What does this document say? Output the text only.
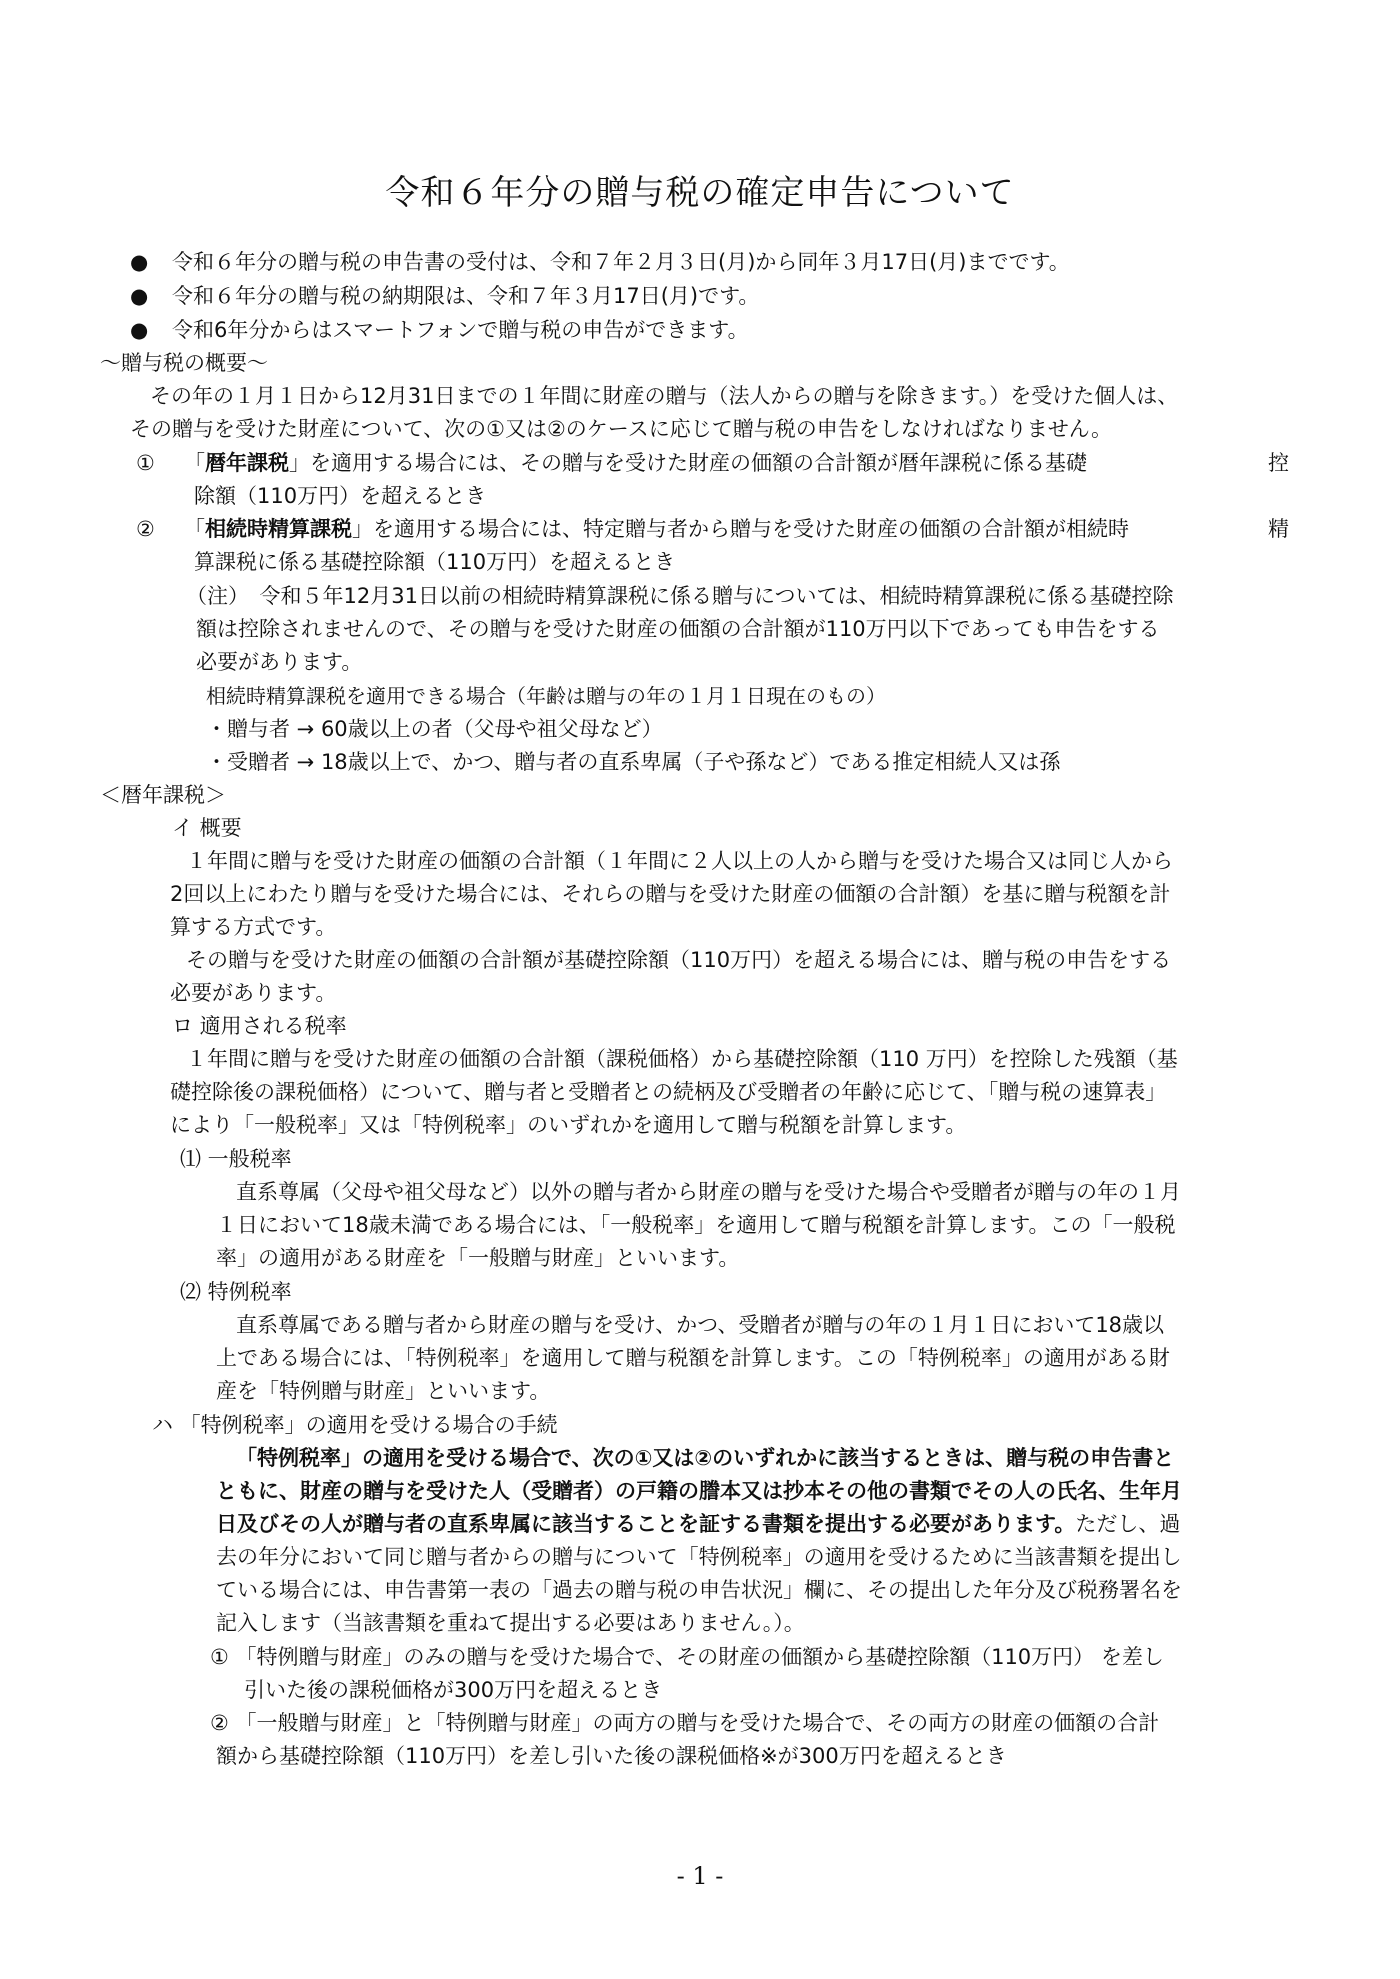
令和６年分の贈与税の確定申告について
● 令和６年分の贈与税の申告書の受付は、令和７年２月３日(月)から同年３月17日(月)までです。
● 令和６年分の贈与税の納期限は、令和７年３月17日(月)です。
● 令和6年分からはスマートフォンで贈与税の申告ができます。
～贈与税の概要～
その年の１月１日から12月31日までの１年間に財産の贈与（法人からの贈与を除きます。）を受けた個人は、
その贈与を受けた財産について、次の①又は②のケースに応じて贈与税の申告をしなければなりません。
① 「暦年課税」を適用する場合には、その贈与を受けた財産の価額の合計額が暦年課税に係る基礎	控
除額（110万円）を超えるとき
② 「相続時精算課税」を適用する場合には、特定贈与者から贈与を受けた財産の価額の合計額が相続時	精
算課税に係る基礎控除額（110万円）を超えるとき
（注）　令和５年12月31日以前の相続時精算課税に係る贈与については、相続時精算課税に係る基礎控除
額は控除されませんので、その贈与を受けた財産の価額の合計額が110万円以下であっても申告をする
必要があります。
相続時精算課税を適用できる場合（年齢は贈与の年の１月１日現在のもの）
・贈与者 → 60歳以上の者（父母や祖父母など）
・受贈者 → 18歳以上で、かつ、贈与者の直系卑属（子や孫など）である推定相続人又は孫
＜暦年課税＞
イ 概要
１年間に贈与を受けた財産の価額の合計額（１年間に２人以上の人から贈与を受けた場合又は同じ人から
2回以上にわたり贈与を受けた場合には、それらの贈与を受けた財産の価額の合計額）を基に贈与税額を計
算する方式です。
その贈与を受けた財産の価額の合計額が基礎控除額（110万円）を超える場合には、贈与税の申告をする
必要があります。
ロ 適用される税率
１年間に贈与を受けた財産の価額の合計額（課税価格）から基礎控除額（110 万円）を控除した残額（基
礎控除後の課税価格）について、贈与者と受贈者との続柄及び受贈者の年齢に応じて、「贈与税の速算表」
により「一般税率」又は「特例税率」のいずれかを適用して贈与税額を計算します。
⑴ 一般税率
直系尊属（父母や祖父母など）以外の贈与者から財産の贈与を受けた場合や受贈者が贈与の年の１月
１日において18歳未満である場合には、「一般税率」を適用して贈与税額を計算します。この「一般税
率」の適用がある財産を「一般贈与財産」といいます。
⑵ 特例税率
直系尊属である贈与者から財産の贈与を受け、かつ、受贈者が贈与の年の１月１日において18歳以
上である場合には、「特例税率」を適用して贈与税額を計算します。この「特例税率」の適用がある財
産を「特例贈与財産」といいます。
ハ 「特例税率」の適用を受ける場合の手続
「特例税率」の適用を受ける場合で、次の①又は②のいずれかに該当するときは、贈与税の申告書と
ともに、財産の贈与を受けた人（受贈者）の戸籍の謄本又は抄本その他の書類でその人の氏名、生年月
日及びその人が贈与者の直系卑属に該当することを証する書類を提出する必要があります。ただし、過
去の年分において同じ贈与者からの贈与について「特例税率」の適用を受けるために当該書類を提出し
ている場合には、申告書第一表の「過去の贈与税の申告状況」欄に、その提出した年分及び税務署名を
記入します（当該書類を重ねて提出する必要はありません。）。
① 「特例贈与財産」のみの贈与を受けた場合で、その財産の価額から基礎控除額（110万円） を差し
引いた後の課税価格が300万円を超えるとき
② 「一般贈与財産」と「特例贈与財産」の両方の贈与を受けた場合で、その両方の財産の価額の合計
額から基礎控除額（110万円）を差し引いた後の課税価格※が300万円を超えるとき
- 1 -
